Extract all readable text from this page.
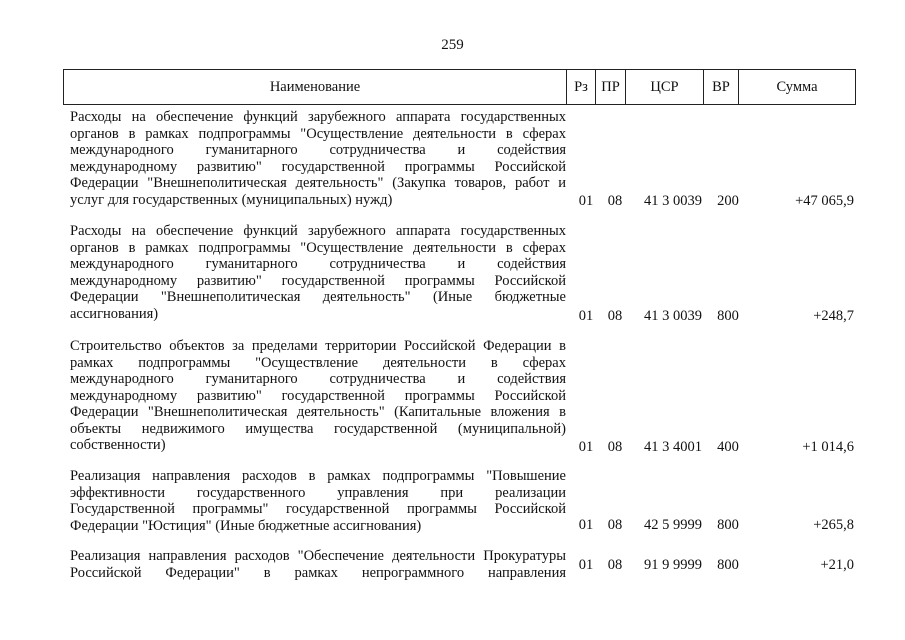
259
Наименование	Рз	ПР	ЦСР	ВР	Сумма
Расходы на обеспечение функций зарубежного аппарата государственных
органов в рамках подпрограммы "Осуществление деятельности в сферах
международного гуманитарного сотрудничества и содействия
международному развитию" государственной программы Российской
Федерации "Внешнеполитическая деятельность" (Закупка товаров, работ и
услуг для государственных (муниципальных) нужд)	01	08	41 3 0039	200	+47 065,9
Расходы на обеспечение функций зарубежного аппарата государственных
органов в рамках подпрограммы "Осуществление деятельности в сферах
международного гуманитарного сотрудничества и содействия
международному развитию" государственной программы Российской
Федерации "Внешнеполитическая деятельность" (Иные бюджетные
ассигнования)	01	08	41 3 0039	800	+248,7
Строительство объектов за пределами территории Российской Федерации в
рамках подпрограммы "Осуществление деятельности в сферах
международного гуманитарного сотрудничества и содействия
международному развитию" государственной программы Российской
Федерации "Внешнеполитическая деятельность" (Капитальные вложения в
объекты недвижимого имущества государственной (муниципальной)
собственности)	01	08	41 3 4001	400	+1 014,6
Реализация направления расходов в рамках подпрограммы "Повышение
эффективности государственного управления при реализации
Государственной программы" государственной программы Российской
Федерации "Юстиция" (Иные бюджетные ассигнования)	01	08	42 5 9999	800	+265,8
Реализация направления расходов "Обеспечение деятельности Прокуратуры
Российской Федерации" в рамках непрограммного направления 01	08	91 9 9999	800	+21,0
